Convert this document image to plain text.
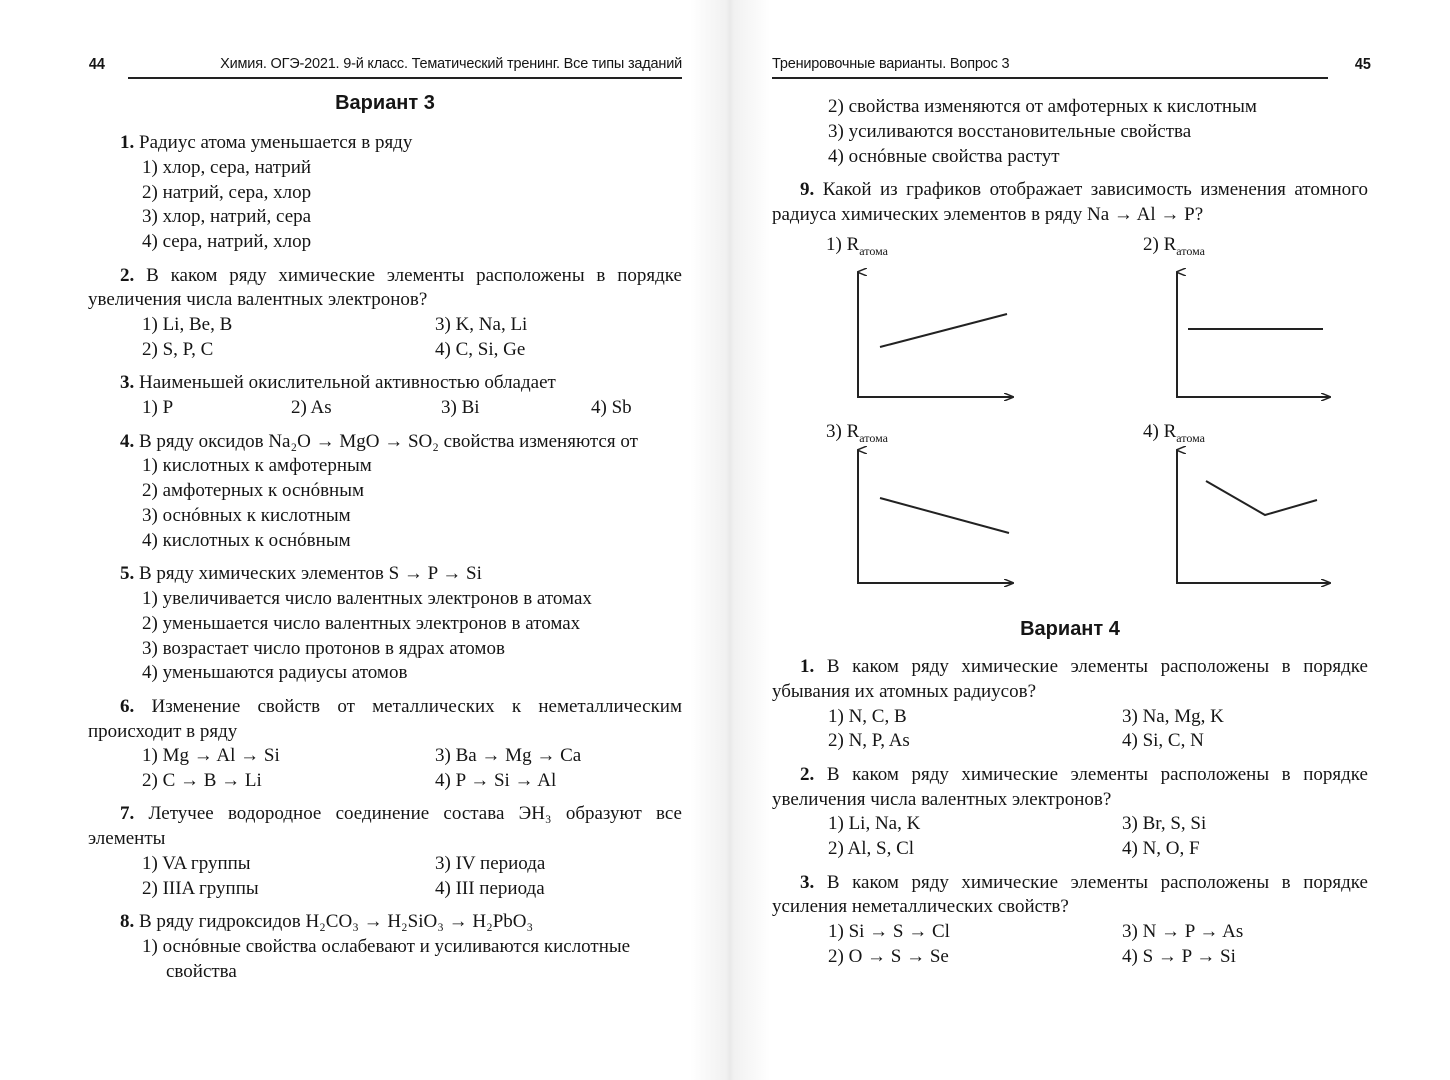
44	Химия. ОГЭ-2021. 9-й класс. Тематический тренинг. Все типы заданий
Вариант 3
1. Радиус атома уменьшается в ряду
1) хлор, сера, натрий
2) натрий, сера, хлор
3) хлор, натрий, сера
4) сера, натрий, хлор
2. В каком ряду химические элементы расположены в порядке увеличения числа валентных электронов?
1) Li, Be, B	3) K, Na, Li
2) S, P, C	4) C, Si, Ge
3. Наименьшей окислительной активностью обладает
1) P	2) As	3) Bi	4) Sb
4. В ряду оксидов Na₂O → MgO → SO₂ свойства изменяются от
1) кислотных к амфотерным
2) амфотерных к оснóвным
3) оснóвных к кислотным
4) кислотных к оснóвным
5. В ряду химических элементов S → P → Si
1) увеличивается число валентных электронов в атомах
2) уменьшается число валентных электронов в атомах
3) возрастает число протонов в ядрах атомов
4) уменьшаются радиусы атомов
6. Изменение свойств от металлических к неметаллическим происходит в ряду
1) Mg → Al → Si	3) Ba → Mg → Ca
2) C → B → Li	4) P → Si → Al
7. Летучее водородное соединение состава ЭН₃ образуют все элементы
1) VA группы	3) IV периода
2) IIIA группы	4) III периода
8. В ряду гидроксидов H₂CO₃ → H₂SiO₃ → H₂PbO₃
1) оснóвные свойства ослабевают и усиливаются кислотные
свойства
Тренировочные варианты. Вопрос 3	45
2) свойства изменяются от амфотерных к кислотным
3) усиливаются восстановительные свойства
4) оснóвные свойства растут
9. Какой из графиков отображает зависимость изменения атомного радиуса химических элементов в ряду Na → Al → P?
1) $R_{атома}$	2) $R_{атома}$
3) $R_{атома}$	4) $R_{атома}$
Вариант 4
1. В каком ряду химические элементы расположены в порядке убывания их атомных радиусов?
1) N, C, B	3) Na, Mg, K
2) N, P, As	4) Si, C, N
2. В каком ряду химические элементы расположены в порядке увеличения числа валентных электронов?
1) Li, Na, K	3) Br, S, Si
2) Al, S, Cl	4) N, O, F
3. В каком ряду химические элементы расположены в порядке усиления неметаллических свойств?
1) Si → S → Cl	3) N → P → As
2) O → S → Se	4) S → P → Si
